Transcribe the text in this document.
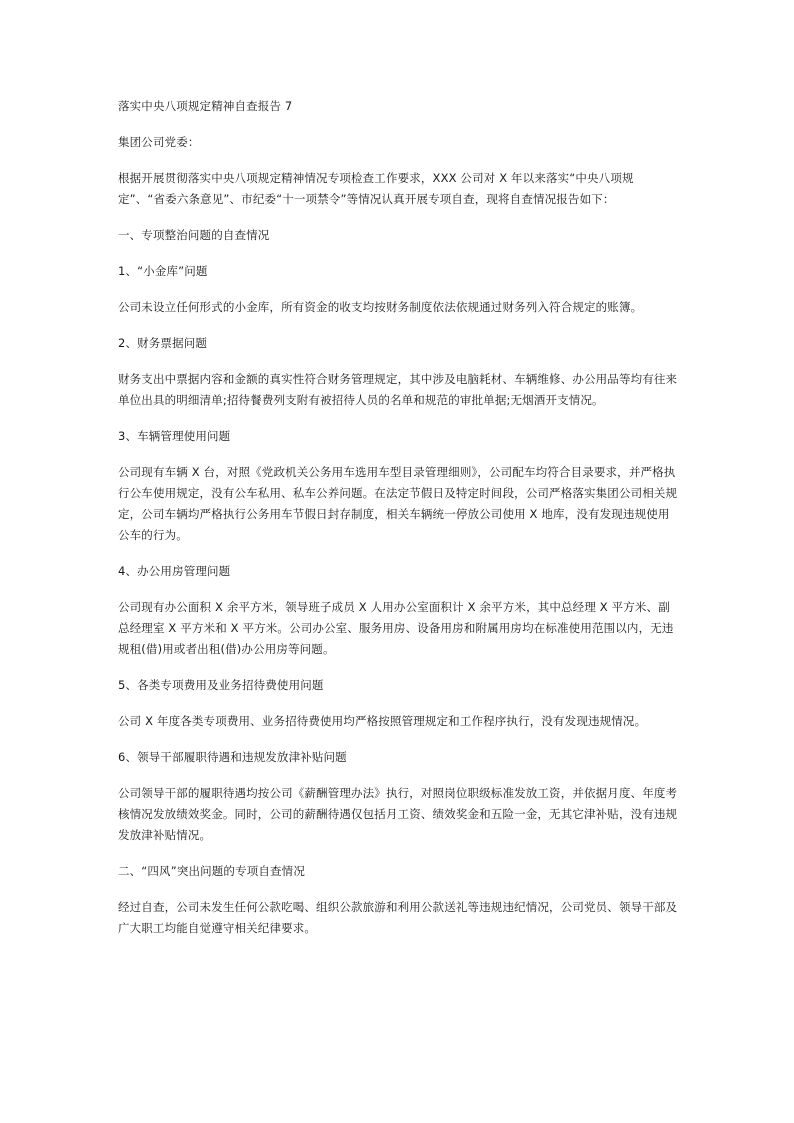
落实中央八项规定精神自查报告 7

集团公司党委：

根据开展贯彻落实中央八项规定精神情况专项检查工作要求，XXX 公司对 X 年以来落实“中央八项规定”、“省委六条意见”、市纪委“十一项禁令”等情况认真开展专项自查，现将自查情况报告如下：

一、专项整治问题的自查情况

1、“小金库”问题

公司未设立任何形式的小金库，所有资金的收支均按财务制度依法依规通过财务列入符合规定的账簿。

2、财务票据问题

财务支出中票据内容和金额的真实性符合财务管理规定，其中涉及电脑耗材、车辆维修、办公用品等均有往来单位出具的明细清单;招待餐费列支附有被招待人员的名单和规范的审批单据;无烟酒开支情况。

3、车辆管理使用问题

公司现有车辆 X 台，对照《党政机关公务用车选用车型目录管理细则》，公司配车均符合目录要求，并严格执行公车使用规定，没有公车私用、私车公养问题。在法定节假日及特定时间段，公司严格落实集团公司相关规定，公司车辆均严格执行公务用车节假日封存制度，相关车辆统一停放公司使用 X 地库，没有发现违规使用公车的行为。

4、办公用房管理问题

公司现有办公面积 X 余平方米，领导班子成员 X 人用办公室面积计 X 余平方米，其中总经理 X 平方米、副总经理室 X 平方米和 X 平方米。公司办公室、服务用房、设备用房和附属用房均在标准使用范围以内，无违规租(借)用或者出租(借)办公用房等问题。

5、各类专项费用及业务招待费使用问题

公司 X 年度各类专项费用、业务招待费使用均严格按照管理规定和工作程序执行，没有发现违规情况。

6、领导干部履职待遇和违规发放津补贴问题

公司领导干部的履职待遇均按公司《薪酬管理办法》执行，对照岗位职级标准发放工资，并依据月度、年度考核情况发放绩效奖金。同时，公司的薪酬待遇仅包括月工资、绩效奖金和五险一金，无其它津补贴，没有违规发放津补贴情况。

二、“四风”突出问题的专项自查情况

经过自查，公司未发生任何公款吃喝、组织公款旅游和利用公款送礼等违规违纪情况，公司党员、领导干部及广大职工均能自觉遵守相关纪律要求。
